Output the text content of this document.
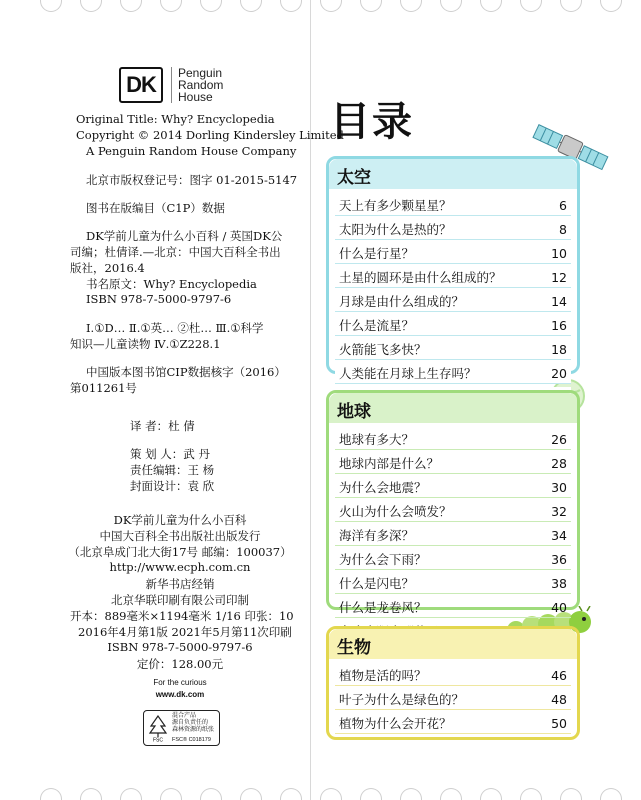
DK	Penguin
Random
House
Original Title: Why? Encyclopedia
Copyright © 2014 Dorling Kindersley Limited
A Penguin Random House Company
北京市版权登记号：图字 01-2015-5147
图书在版编目（C1P）数据
DK学前儿童为什么小百科 / 英国DK公
司编；杜倩译.—北京：中国大百科全书出
版社，2016.4
书名原文：Why? Encyclopedia
ISBN 978-7-5000-9797-6
Ⅰ.①D… Ⅱ.①英… ②杜… Ⅲ.①科学
知识—儿童读物 Ⅳ.①Z228.1
中国版本图书馆CIP数据核字（2016）
第011261号
译 者：杜 倩
策 划 人：武 丹
责任编辑：王 杨
封面设计：袁 欣
DK学前儿童为什么小百科
中国大百科全书出版社出版发行
（北京阜成门北大街17号 邮编：100037）
http://www.ecph.com.cn
新华书店经销
北京华联印刷有限公司印制
开本：889毫米×1194毫米 1/16 印张：10
2016年4月第1版 2021年5月第11次印刷
ISBN 978-7-5000-9797-6
定价：128.00元
For the curious
www.dk.com
FSC
混合产品
源自负责任的
森林资源的纸张
FSC® C018179
目录
太空
天上有多少颗星星？	6
太阳为什么是热的？	8
什么是行星？	10
土星的圆环是由什么组成的？	12
月球是由什么组成的？	14
什么是流星？	16
火箭能飞多快？	18
人类能在月球上生存吗？	20
地球
地球有多大？	26
地球内部是什么？	28
为什么会地震？	30
火山为什么会喷发？	32
海洋有多深？	34
为什么会下雨？	36
什么是闪电？	38
什么是龙卷风？	40
生物
植物是活的吗？	46
叶子为什么是绿色的？	48
植物为什么会开花？	50
